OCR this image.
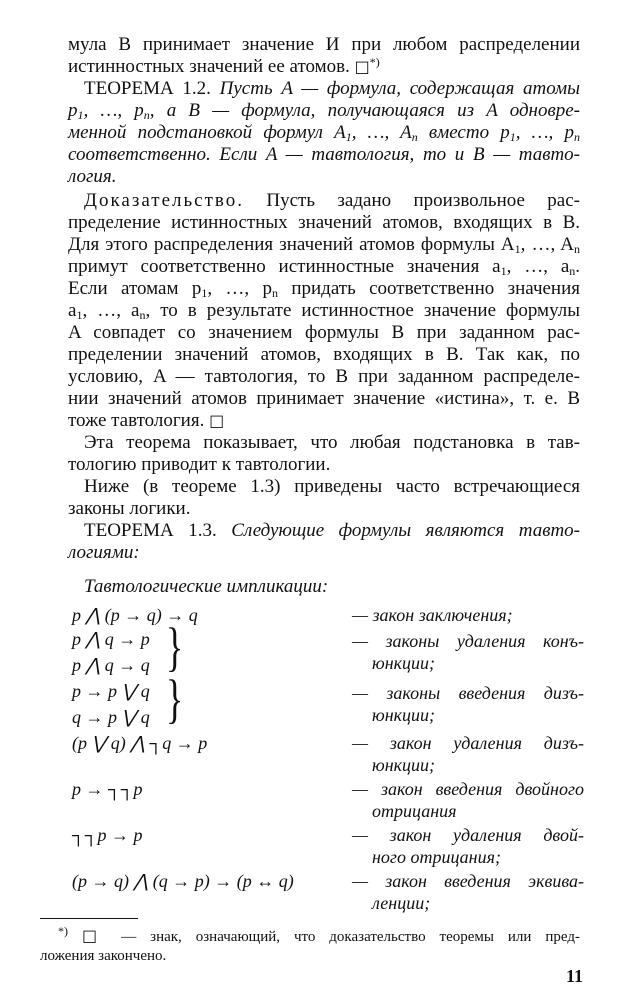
мула B принимает значение И при любом распределении
истинностных значений ее атомов. □*)
ТЕОРЕМА 1.2. Пусть A — формула, содержащая атомы
$p_1$, …, $p_n$, а B — формула, получающаяся из A одновре-
менной подстановкой формул $A_1$, …, $A_n$ вместо $p_1$, …, $p_n$
соответственно. Если A — тавтология, то и B — тавто-
логия.
Доказательство. Пусть задано произвольное рас-
пределение истинностных значений атомов, входящих в B.
Для этого распределения значений атомов формулы $A_1$, …, $A_n$
примут соответственно истинностные значения $a_1$, …, $a_n$.
Если атомам $p_1$, …, $p_n$ придать соответственно значения
$a_1$, …, $a_n$, то в результате истинностное значение формулы
A совпадет со значением формулы B при заданном рас-
пределении значений атомов, входящих в B. Так как, по
условию, A — тавтология, то B при заданном распределе-
нии значений атомов принимает значение «истина», т. е. B
тоже тавтология. □
Эта теорема показывает, что любая подстановка в тав-
тологию приводит к тавтологии.
Ниже (в теореме 1.3) приведены часто встречающиеся
законы логики.
ТЕОРЕМА 1.3. Следующие формулы являются тавто-
логиями:
Тавтологические импликации:
p ⋀ (p → q) → q	— закон заключения;
p ⋀ q → p
p ⋀ q → q }	— законы удаления конъ-
юнкции;
p → p ⋁ q
q → p ⋁ q }	— законы введения дизъ-
юнкции;
(p ⋁ q) ⋀ ┐q → p	— закон удаления дизъ-
юнкции;
p → ┐┐p	— закон введения двойного
отрицания
┐┐p → p	— закон удаления двой-
ного отрицания;
(p → q) ⋀ (q → p) → (p ↔ q)	— закон введения эквива-
ленции;
*) □ — знак, означающий, что доказательство теоремы или пред-
ложения закончено.
11
